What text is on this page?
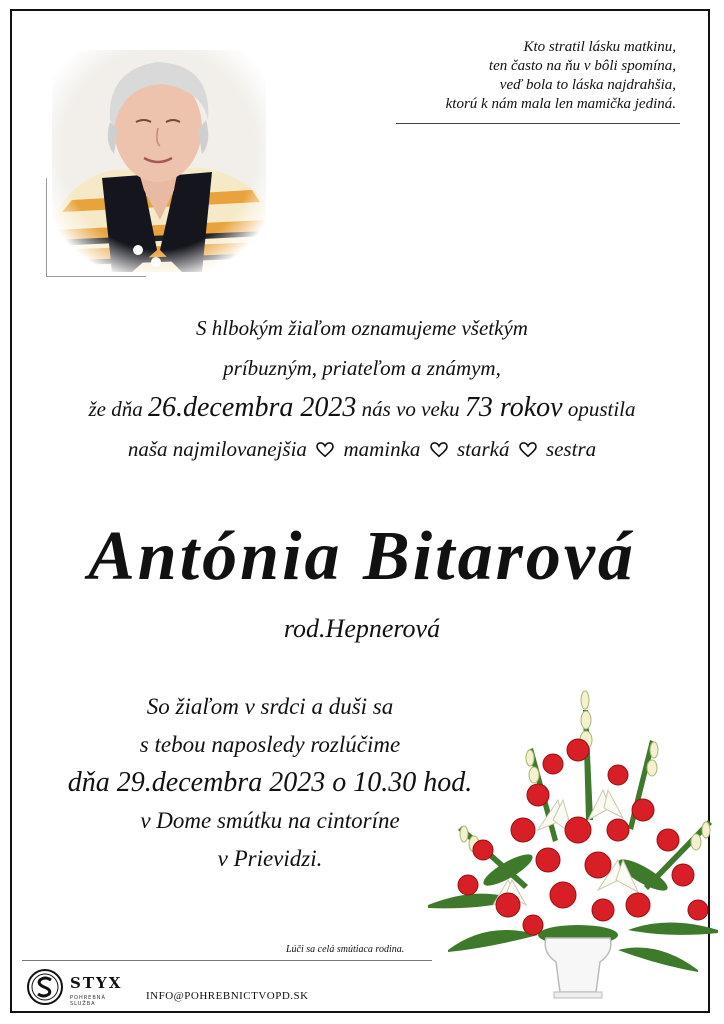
Kto stratil lásku matkinu,
ten často na ňu v bôli spomína,
veď bola to láska najdrahšia,
ktorú k nám mala len mamička jediná.
S hlbokým žiaľom oznamujeme všetkým
príbuzným, priateľom a známym,
že dňa 26.decembra 2023 nás vo veku 73 rokov opustila
naša najmilovanejšia maminka starká sestra
Antónia Bitarová
rod.Hepnerová
So žiaľom v srdci a duši sa
s tebou naposledy rozlúčime
dňa 29.decembra 2023 o 10.30 hod.
v Dome smútku na cintoríne
v Prievidzi.
Lúči sa celá smútiaca rodina.
STYX
POHREBNÁ SLUŽBA
INFO@POHREBNICTVOPD.SK
